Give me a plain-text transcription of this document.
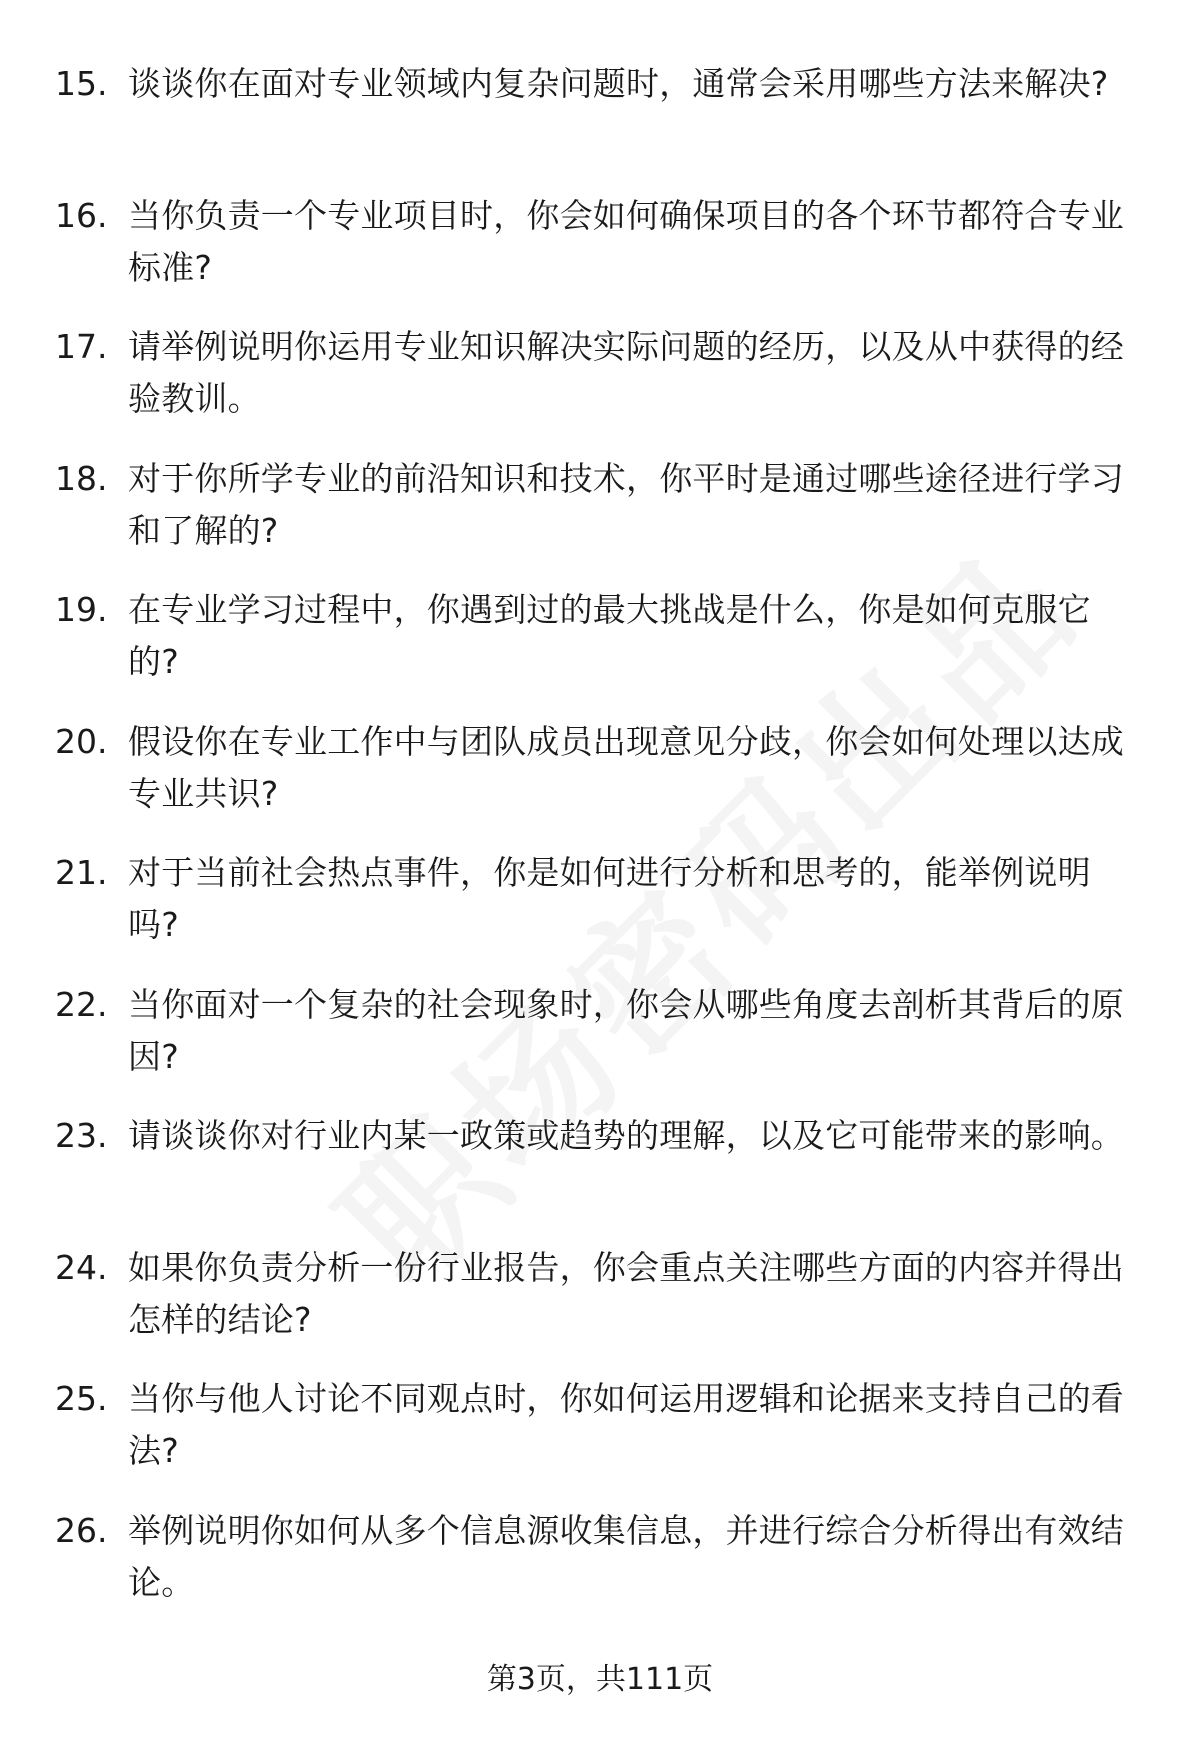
15. 谈谈你在面对专业领域内复杂问题时，通常会采用哪些方法来解决?
16. 当你负责一个专业项目时，你会如何确保项目的各个环节都符合专业标准?
17. 请举例说明你运用专业知识解决实际问题的经历，以及从中获得的经验教训。
18. 对于你所学专业的前沿知识和技术，你平时是通过哪些途径进行学习和了解的?
19. 在专业学习过程中，你遇到过的最大挑战是什么，你是如何克服它的?
20. 假设你在专业工作中与团队成员出现意见分歧，你会如何处理以达成专业共识?
21. 对于当前社会热点事件，你是如何进行分析和思考的，能举例说明吗?
22. 当你面对一个复杂的社会现象时，你会从哪些角度去剖析其背后的原因?
23. 请谈谈你对行业内某一政策或趋势的理解，以及它可能带来的影响。
24. 如果你负责分析一份行业报告，你会重点关注哪些方面的内容并得出怎样的结论?
25. 当你与他人讨论不同观点时，你如何运用逻辑和论据来支持自己的看法?
26. 举例说明你如何从多个信息源收集信息，并进行综合分析得出有效结论。
第3页，共111页
